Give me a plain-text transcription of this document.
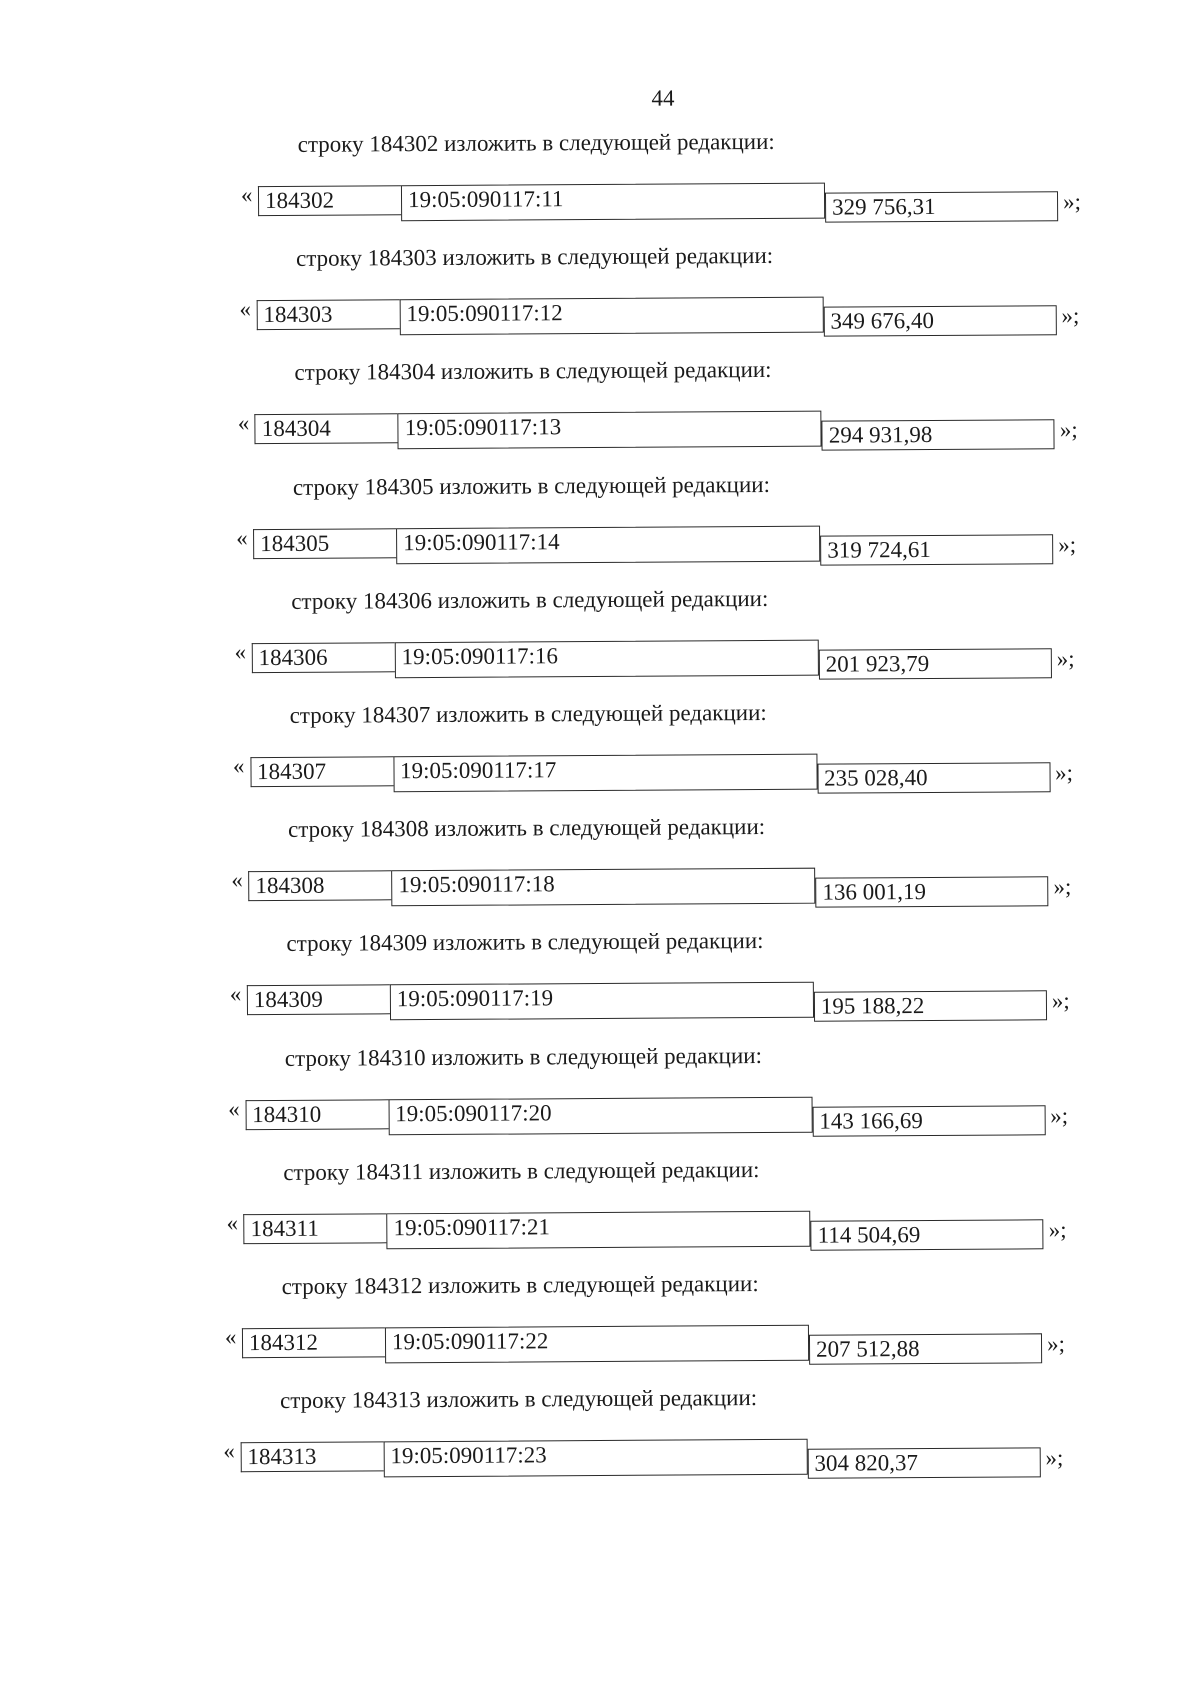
44
строку 184302 изложить в следующей редакции:
« 184302	19:05:090117:11	329 756,31	»;
строку 184303 изложить в следующей редакции:
« 184303	19:05:090117:12	349 676,40	»;
строку 184304 изложить в следующей редакции:
« 184304	19:05:090117:13	294 931,98	»;
строку 184305 изложить в следующей редакции:
« 184305	19:05:090117:14	319 724,61	»;
строку 184306 изложить в следующей редакции:
« 184306	19:05:090117:16	201 923,79	»;
строку 184307 изложить в следующей редакции:
« 184307	19:05:090117:17	235 028,40	»;
строку 184308 изложить в следующей редакции:
« 184308	19:05:090117:18	136 001,19	»;
строку 184309 изложить в следующей редакции:
« 184309	19:05:090117:19	195 188,22	»;
строку 184310 изложить в следующей редакции:
« 184310	19:05:090117:20	143 166,69	»;
строку 184311 изложить в следующей редакции:
« 184311	19:05:090117:21	114 504,69	»;
строку 184312 изложить в следующей редакции:
« 184312	19:05:090117:22	207 512,88	»;
строку 184313 изложить в следующей редакции:
« 184313	19:05:090117:23	304 820,37	»;
